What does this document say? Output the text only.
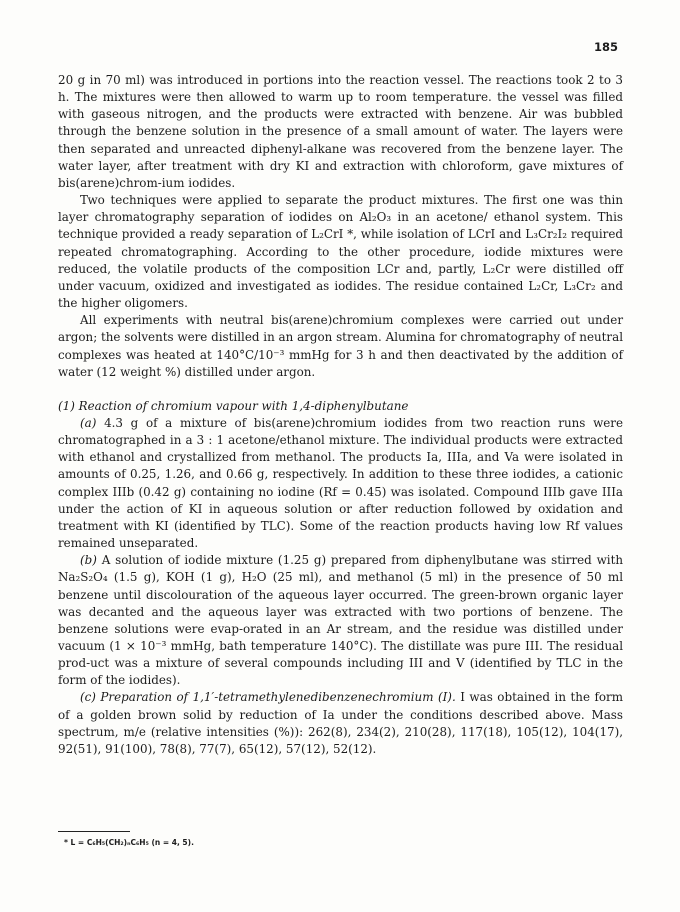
185

20 g in 70 ml) was introduced in portions into the reaction vessel. The reactions took 2 to 3 h. The mixtures were then allowed to warm up to room temperature. the vessel was filled with gaseous nitrogen, and the products were extracted with benzene. Air was bubbled through the benzene solution in the presence of a small amount of water. The layers were then separated and unreacted diphenyl-alkane was recovered from the benzene layer. The water layer, after treatment with dry KI and extraction with chloroform, gave mixtures of bis(arene)chrom-ium iodides.

Two techniques were applied to separate the product mixtures. The first one was thin layer chromatography separation of iodides on Al₂O₃ in an acetone/ ethanol system. This technique provided a ready separation of L₂CrI *, while isolation of LCrI and L₃Cr₂I₂ required repeated chromatographing. According to the other procedure, iodide mixtures were reduced, the volatile products of the composition LCr and, partly, L₂Cr were distilled off under vacuum, oxidized and investigated as iodides. The residue contained L₂Cr, L₃Cr₂ and the higher oligomers.

All experiments with neutral bis(arene)chromium complexes were carried out under argon; the solvents were distilled in an argon stream. Alumina for chromatography of neutral complexes was heated at 140°C/10⁻³ mmHg for 3 h and then deactivated by the addition of water (12 weight %) distilled under argon.

(1) Reaction of chromium vapour with 1,4-diphenylbutane

(a) 4.3 g of a mixture of bis(arene)chromium iodides from two reaction runs were chromatographed in a 3 : 1 acetone/ethanol mixture. The individual products were extracted with ethanol and crystallized from methanol. The products Ia, IIIa, and Va were isolated in amounts of 0.25, 1.26, and 0.66 g, respectively. In addition to these three iodides, a cationic complex IIIb (0.42 g) containing no iodine (Rf = 0.45) was isolated. Compound IIIb gave IIIa under the action of KI in aqueous solution or after reduction followed by oxidation and treatment with KI (identified by TLC). Some of the reaction products having low Rf values remained unseparated.

(b) A solution of iodide mixture (1.25 g) prepared from diphenylbutane was stirred with Na₂S₂O₄ (1.5 g), KOH (1 g), H₂O (25 ml), and methanol (5 ml) in the presence of 50 ml benzene until discolouration of the aqueous layer occurred. The green-brown organic layer was decanted and the aqueous layer was extracted with two portions of benzene. The benzene solutions were evap-orated in an Ar stream, and the residue was distilled under vacuum (1 × 10⁻³ mmHg, bath temperature 140°C). The distillate was pure III. The residual prod-uct was a mixture of several compounds including III and V (identified by TLC in the form of the iodides).

(c) Preparation of 1,1′-tetramethylenedibenzenechromium (I). I was obtained in the form of a golden brown solid by reduction of Ia under the conditions described above. Mass spectrum, m/e (relative intensities (%)): 262(8), 234(2), 210(28), 117(18), 105(12), 104(17), 92(51), 91(100), 78(8), 77(7), 65(12), 57(12), 52(12).

* L = C₆H₅(CH₂)ₙC₆H₅ (n = 4, 5).
